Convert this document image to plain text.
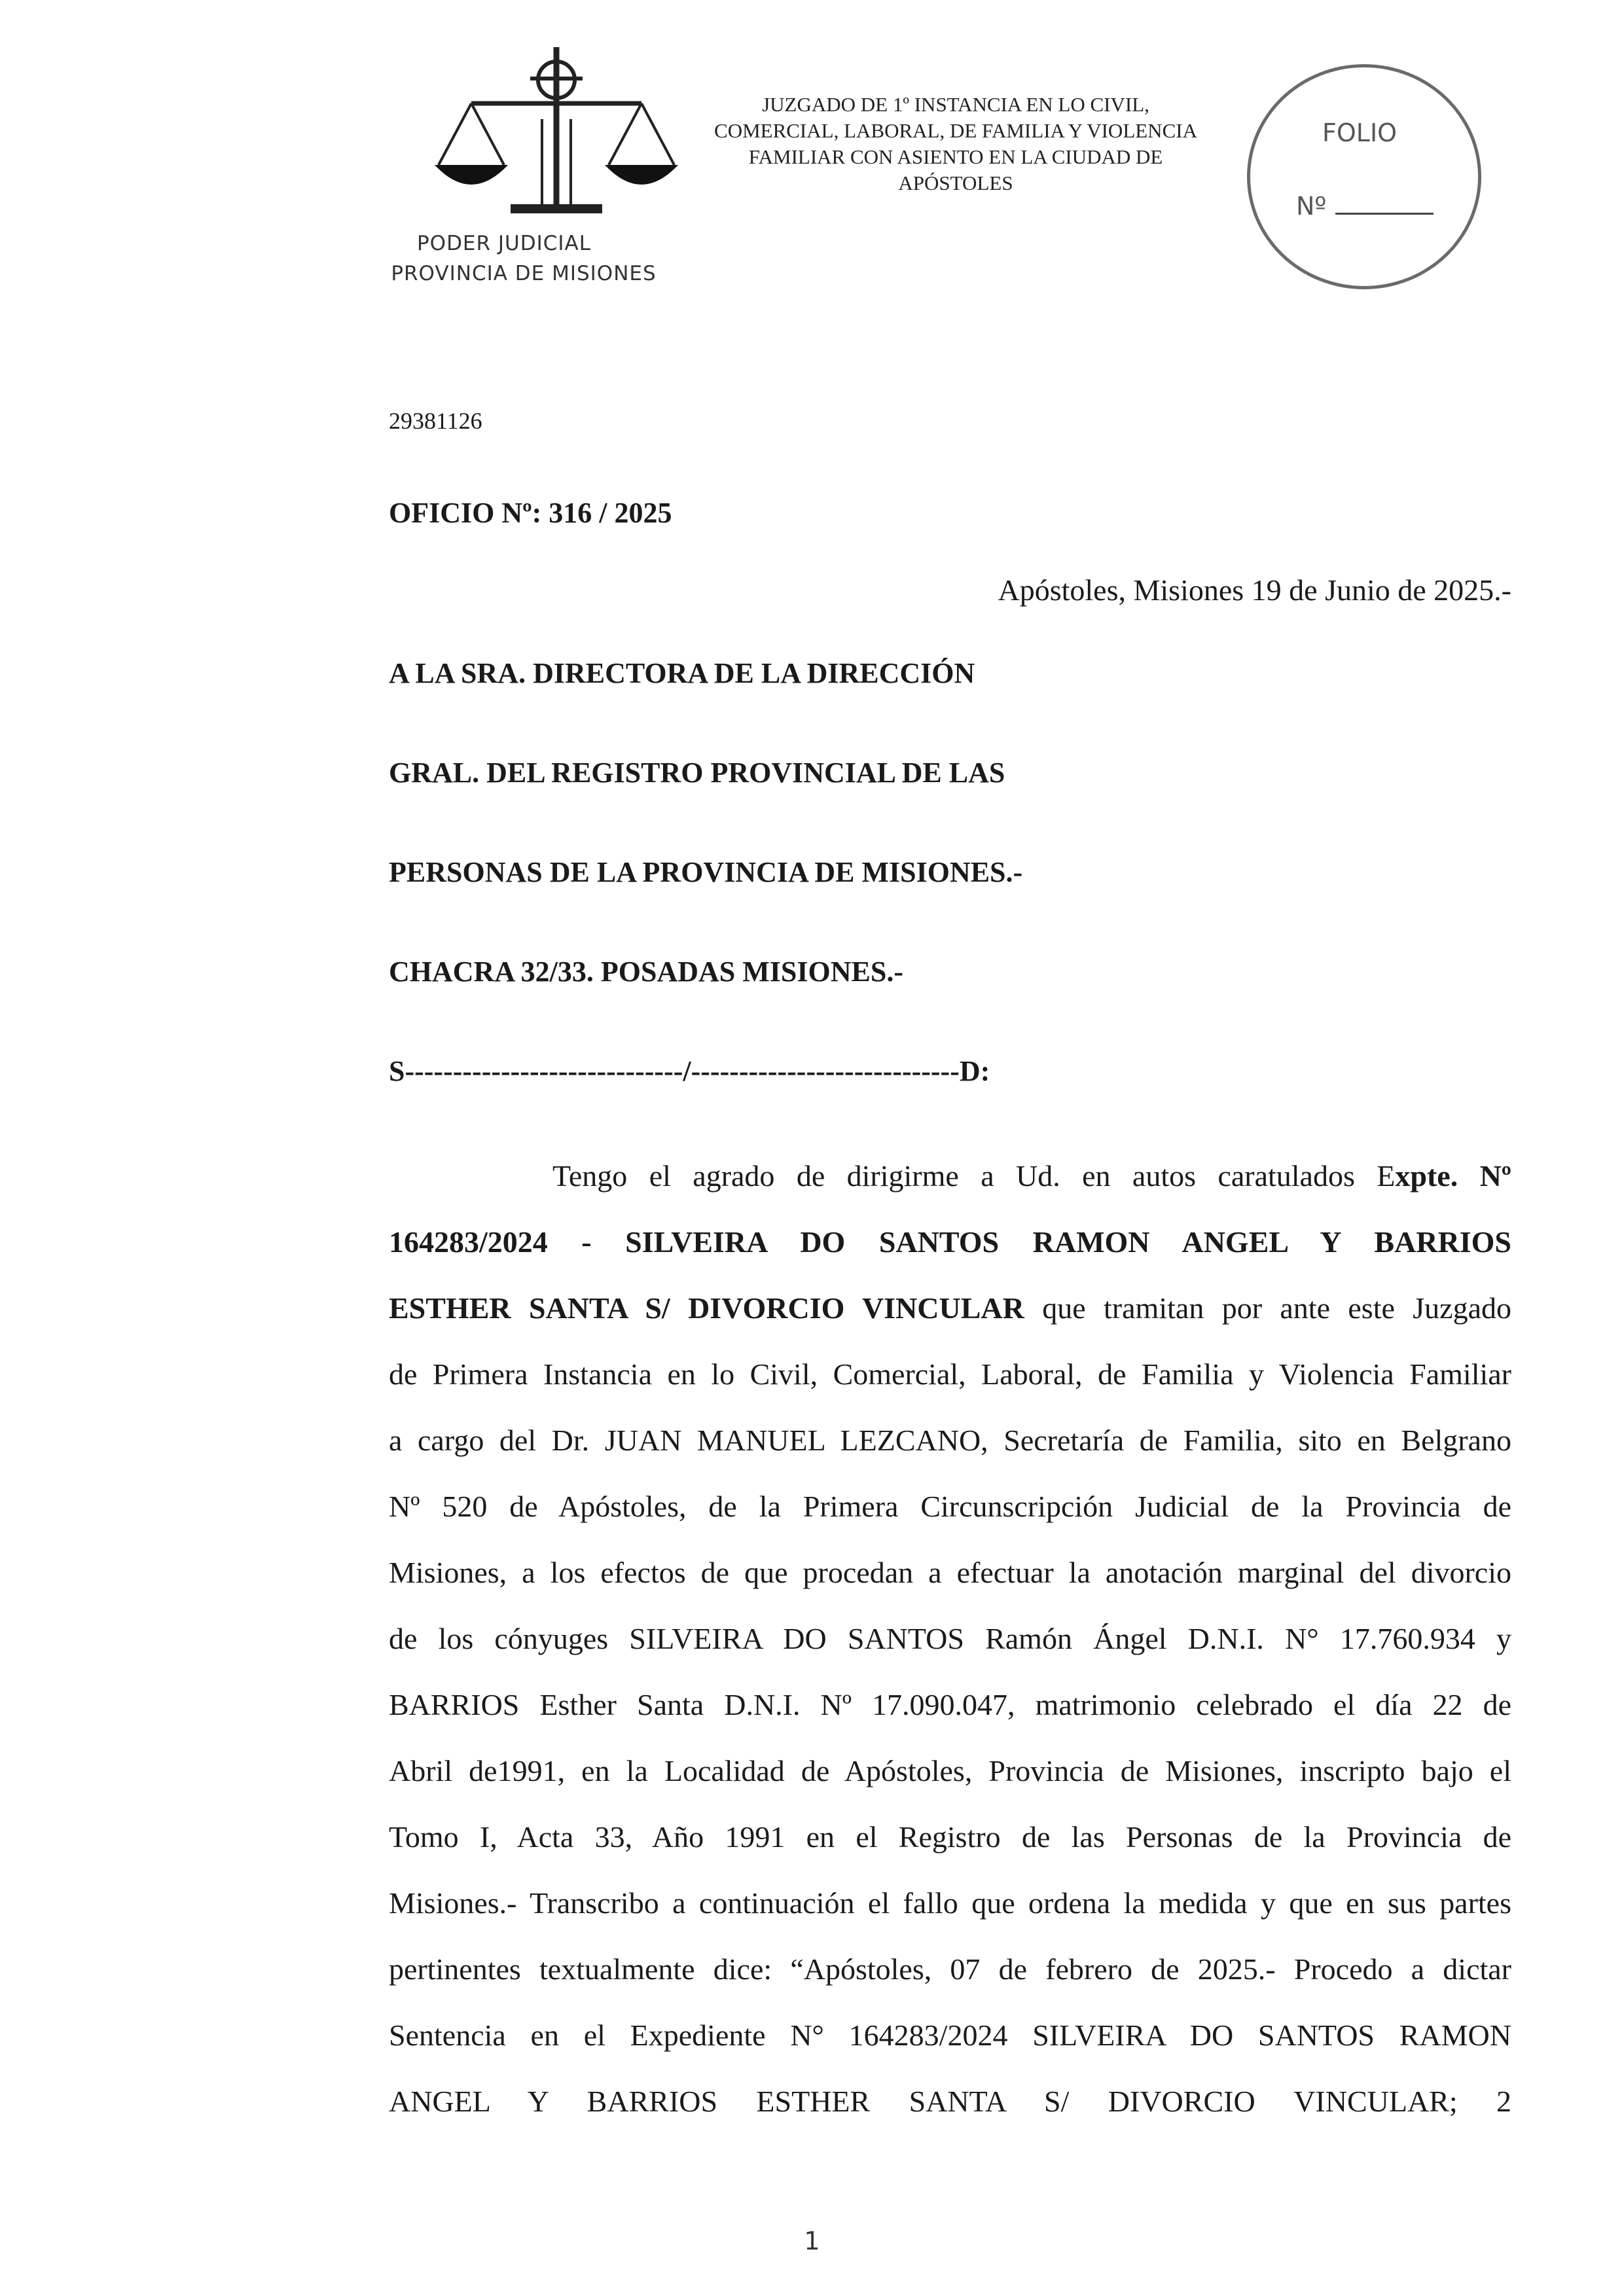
PODER JUDICIAL
PROVINCIA DE MISIONES
JUZGADO DE 1º INSTANCIA EN LO CIVIL,
COMERCIAL, LABORAL, DE FAMILIA Y VIOLENCIA
FAMILIAR CON ASIENTO EN LA CIUDAD DE
APÓSTOLES
FOLIO
Nº
29381126
OFICIO Nº: 316 / 2025
Apóstoles, Misiones 19 de Junio de 2025.-
A LA SRA. DIRECTORA DE LA DIRECCIÓN
GRAL. DEL REGISTRO PROVINCIAL DE LAS
PERSONAS DE LA PROVINCIA DE MISIONES.-
CHACRA 32/33. POSADAS MISIONES.-
S-----------------------------/----------------------------D:
Tengo el agrado de dirigirme a Ud. en autos caratulados Expte. Nº
164283/2024 - SILVEIRA DO SANTOS RAMON ANGEL Y BARRIOS
ESTHER SANTA S/ DIVORCIO VINCULAR que tramitan por ante este Juzgado
de Primera Instancia en lo Civil, Comercial, Laboral, de Familia y Violencia Familiar
a cargo del Dr. JUAN MANUEL LEZCANO, Secretaría de Familia, sito en Belgrano
Nº 520 de Apóstoles, de la Primera Circunscripción Judicial de la Provincia de
Misiones, a los efectos de que procedan a efectuar la anotación marginal del divorcio
de los cónyuges SILVEIRA DO SANTOS Ramón Ángel D.N.I. N° 17.760.934 y
BARRIOS Esther Santa D.N.I. Nº 17.090.047, matrimonio celebrado el día 22 de
Abril de1991, en la Localidad de Apóstoles, Provincia de Misiones, inscripto bajo el
Tomo I, Acta 33, Año 1991 en el Registro de las Personas de la Provincia de
Misiones.- Transcribo a continuación el fallo que ordena la medida y que en sus partes
pertinentes textualmente dice: “Apóstoles, 07 de febrero de 2025.- Procedo a dictar
Sentencia en el Expediente N° 164283/2024 SILVEIRA DO SANTOS RAMON
ANGEL Y BARRIOS ESTHER SANTA S/ DIVORCIO VINCULAR; 2
1
